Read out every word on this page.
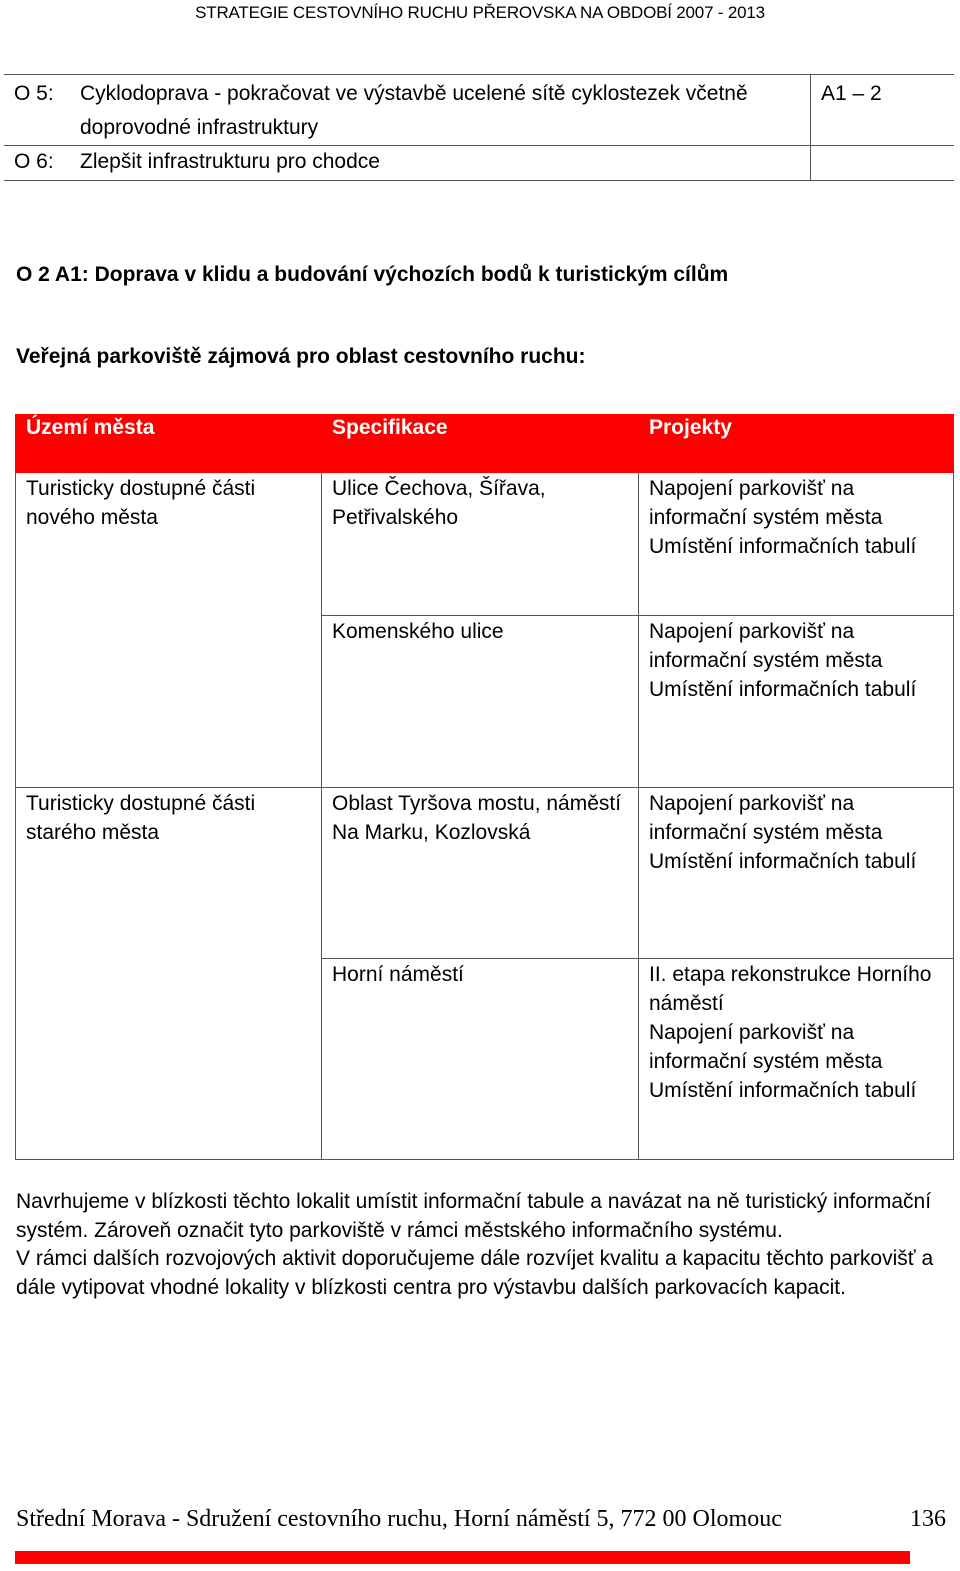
STRATEGIE CESTOVNÍHO RUCHU PŘEROVSKA NA OBDOBÍ 2007 - 2013
O 5:	Cyklodoprava - pokračovat ve výstavbě ucelené sítě cyklostezek včetně doprovodné infrastruktury	A1 – 2
O 6:	Zlepšit infrastrukturu pro chodce	
O 2 A1: Doprava v klidu a budování výchozích bodů k turistickým cílům
Veřejná parkoviště zájmová pro oblast cestovního ruchu:
Území města	Specifikace	Projekty
Turisticky dostupné části nového města	Ulice Čechova, Šířava, Petřivalského	Napojení parkovišť na informační systém města
Umístění informačních tabulí

	Komenského ulice	Napojení parkovišť na informační systém města
Umístění informačních tabulí

Turisticky dostupné části starého města	Oblast Tyršova mostu, náměstí Na Marku, Kozlovská	Napojení parkovišť na informační systém města
Umístění informačních tabulí

	Horní náměstí	II. etapa rekonstrukce Horního náměstí
Napojení parkovišť na informační systém města
Umístění informačních tabulí
Navrhujeme v blízkosti těchto lokalit umístit informační tabule a navázat na ně turistický informační systém. Zároveň označit tyto parkoviště v rámci městského informačního systému.
V rámci dalších rozvojových aktivit doporučujeme dále rozvíjet kvalitu a kapacitu těchto parkovišť a dále vytipovat vhodné lokality v blízkosti centra pro výstavbu dalších parkovacích kapacit.
Střední Morava - Sdružení cestovního ruchu, Horní náměstí 5, 772 00 Olomouc	136
